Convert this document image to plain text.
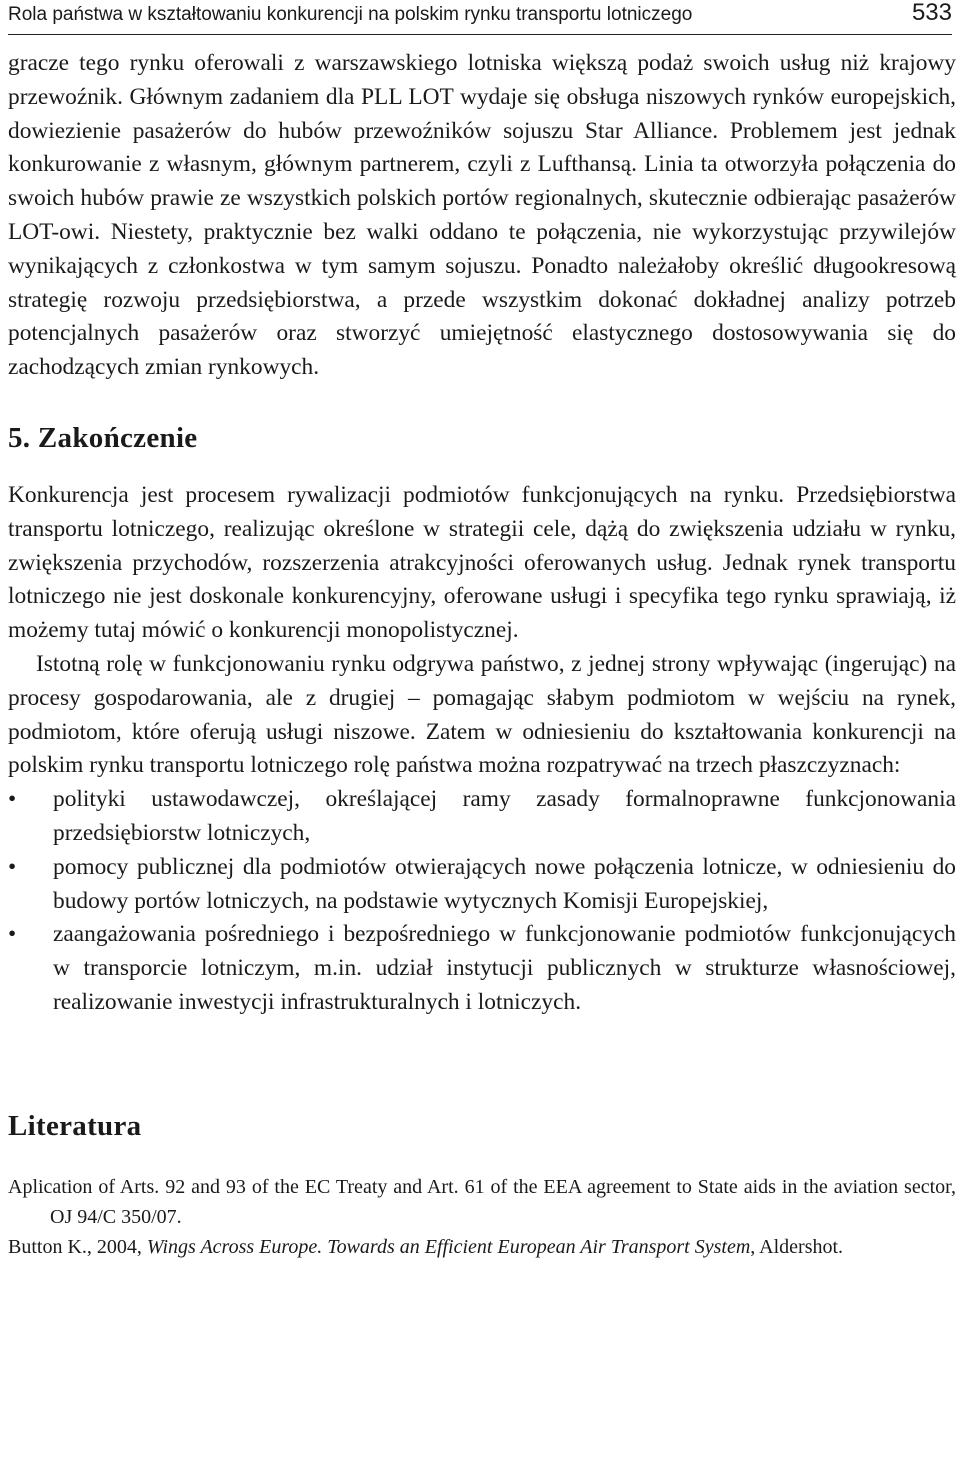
Rola państwa w kształtowaniu konkurencji na polskim rynku transportu lotniczego	533

gracze tego rynku oferowali z warszawskiego lotniska większą podaż swoich usług niż krajowy przewoźnik. Głównym zadaniem dla PLL LOT wydaje się obsługa niszowych rynków europejskich, dowiezienie pasażerów do hubów przewoźników sojuszu Star Alliance. Problemem jest jednak konkurowanie z własnym, głównym partnerem, czyli z Lufthansą. Linia ta otworzyła połączenia do swoich hubów prawie ze wszystkich polskich portów regionalnych, skutecznie odbierając pasażerów LOT-owi. Niestety, praktycznie bez walki oddano te połączenia, nie wykorzystując przywilejów wynikających z członkostwa w tym samym sojuszu. Ponadto należałoby określić długookresową strategię rozwoju przedsiębiorstwa, a przede wszystkim dokonać dokładnej analizy potrzeb potencjalnych pasażerów oraz stworzyć umiejętność elastycznego dostosowywania się do zachodzących zmian rynkowych.

5. Zakończenie

Konkurencja jest procesem rywalizacji podmiotów funkcjonujących na rynku. Przedsiębiorstwa transportu lotniczego, realizując określone w strategii cele, dążą do zwiększenia udziału w rynku, zwiększenia przychodów, rozszerzenia atrakcyjności oferowanych usług. Jednak rynek transportu lotniczego nie jest doskonale konkurencyjny, oferowane usługi i specyfika tego rynku sprawiają, iż możemy tutaj mówić o konkurencji monopolistycznej.

Istotną rolę w funkcjonowaniu rynku odgrywa państwo, z jednej strony wpływając (ingerując) na procesy gospodarowania, ale z drugiej – pomagając słabym podmiotom w wejściu na rynek, podmiotom, które oferują usługi niszowe. Zatem w odniesieniu do kształtowania konkurencji na polskim rynku transportu lotniczego rolę państwa można rozpatrywać na trzech płaszczyznach:

• polityki ustawodawczej, określającej ramy zasady formalnoprawne funkcjonowania przedsiębiorstw lotniczych,
• pomocy publicznej dla podmiotów otwierających nowe połączenia lotnicze, w odniesieniu do budowy portów lotniczych, na podstawie wytycznych Komisji Europejskiej,
• zaangażowania pośredniego i bezpośredniego w funkcjonowanie podmiotów funkcjonujących w transporcie lotniczym, m.in. udział instytucji publicznych w strukturze własnościowej, realizowanie inwestycji infrastrukturalnych i lotniczych.
Literatura

Aplication of Arts. 92 and 93 of the EC Treaty and Art. 61 of the EEA agreement to State aids in the aviation sector, OJ 94/C 350/07.

Button K., 2004, Wings Across Europe. Towards an Efficient European Air Transport System, Aldershot.
